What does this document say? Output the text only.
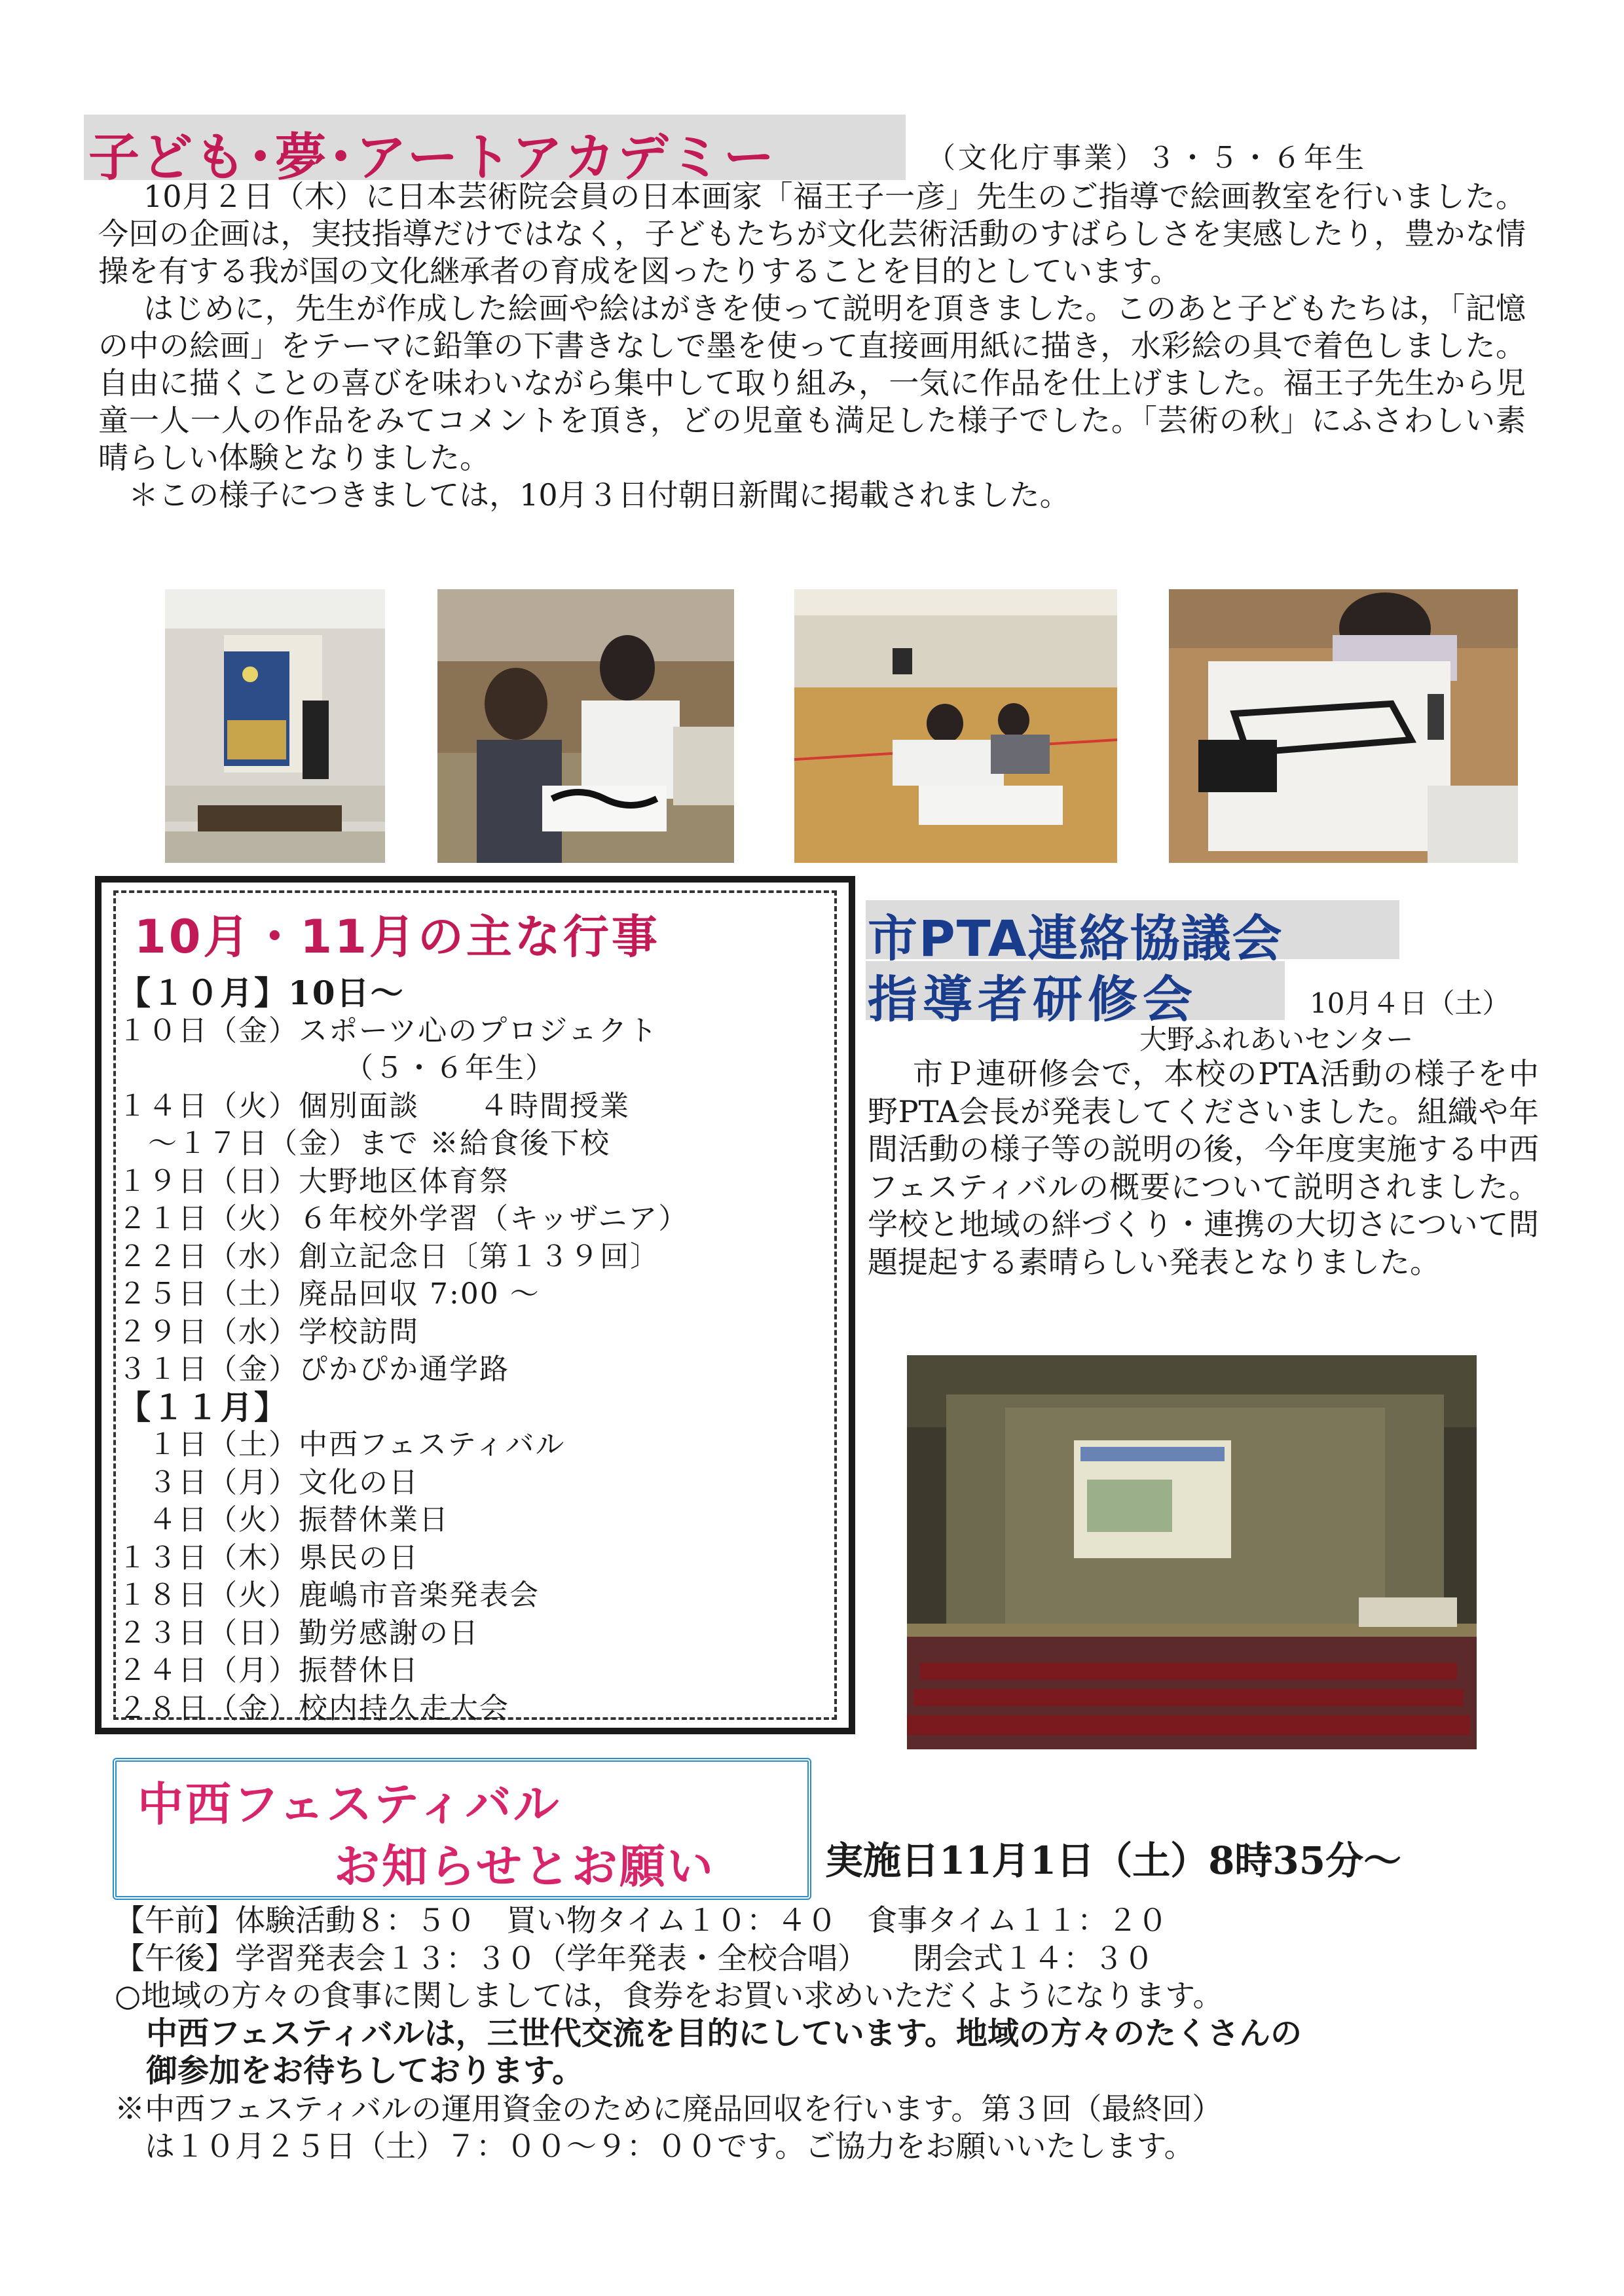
子ども･夢･アートアカデミー	（文化庁事業）３・５・６年生

10月２日（木）に日本芸術院会員の日本画家「福王子一彦」先生のご指導で絵画教室を行いました。今回の企画は，実技指導だけではなく，子どもたちが文化芸術活動のすばらしさを実感したり，豊かな情操を有する我が国の文化継承者の育成を図ったりすることを目的としています。

はじめに，先生が作成した絵画や絵はがきを使って説明を頂きました。このあと子どもたちは，「記憶の中の絵画」をテーマに鉛筆の下書きなしで墨を使って直接画用紙に描き，水彩絵の具で着色しました。自由に描くことの喜びを味わいながら集中して取り組み，一気に作品を仕上げました。福王子先生から児童一人一人の作品をみてコメントを頂き，どの児童も満足した様子でした。「芸術の秋」にふさわしい素晴らしい体験となりました。

＊この様子につきましては，10月３日付朝日新聞に掲載されました。

10月・11月の主な行事
【１０月】10日～
１０日（金）スポーツ心のプロジェクト
　　　　　　　　（５・６年生）
１４日（火）個別面談　　４時間授業
　～１７日（金）まで ※給食後下校
１９日（日）大野地区体育祭
２１日（火）６年校外学習（キッザニア）
２２日（水）創立記念日〔第１３９回〕
２５日（土）廃品回収 7:00 ～
２９日（水）学校訪問
３１日（金）ぴかぴか通学路
【１１月】
　１日（土）中西フェスティバル
　３日（月）文化の日
　４日（火）振替休業日
１３日（木）県民の日
１８日（火）鹿嶋市音楽発表会
２３日（日）勤労感謝の日
２４日（月）振替休日
２８日（金）校内持久走大会
市PTA連絡協議会
指導者研修会	10月４日（土）
大野ふれあいセンター

市Ｐ連研修会で，本校のPTA活動の様子を中野PTA会長が発表してくださいました。組織や年間活動の様子等の説明の後，今年度実施する中西フェスティバルの概要について説明されました。学校と地域の絆づくり・連携の大切さについて問題提起する素晴らしい発表となりました。

中西フェスティバル
お知らせとお願い	実施日11月1日（土）8時35分～
【午前】体験活動８：５０　買い物タイム１０：４０　食事タイム１１：２０
【午後】学習発表会１３：３０（学年発表・全校合唱）　　閉会式１４：３０
○地域の方々の食事に関しましては，食券をお買い求めいただくようになります。
中西フェスティバルは，三世代交流を目的にしています。地域の方々のたくさんの
御参加をお待ちしております。
※中西フェスティバルの運用資金のために廃品回収を行います。第３回（最終回）
は１０月２５日（土）７：００～９：００です。ご協力をお願いいたします。
